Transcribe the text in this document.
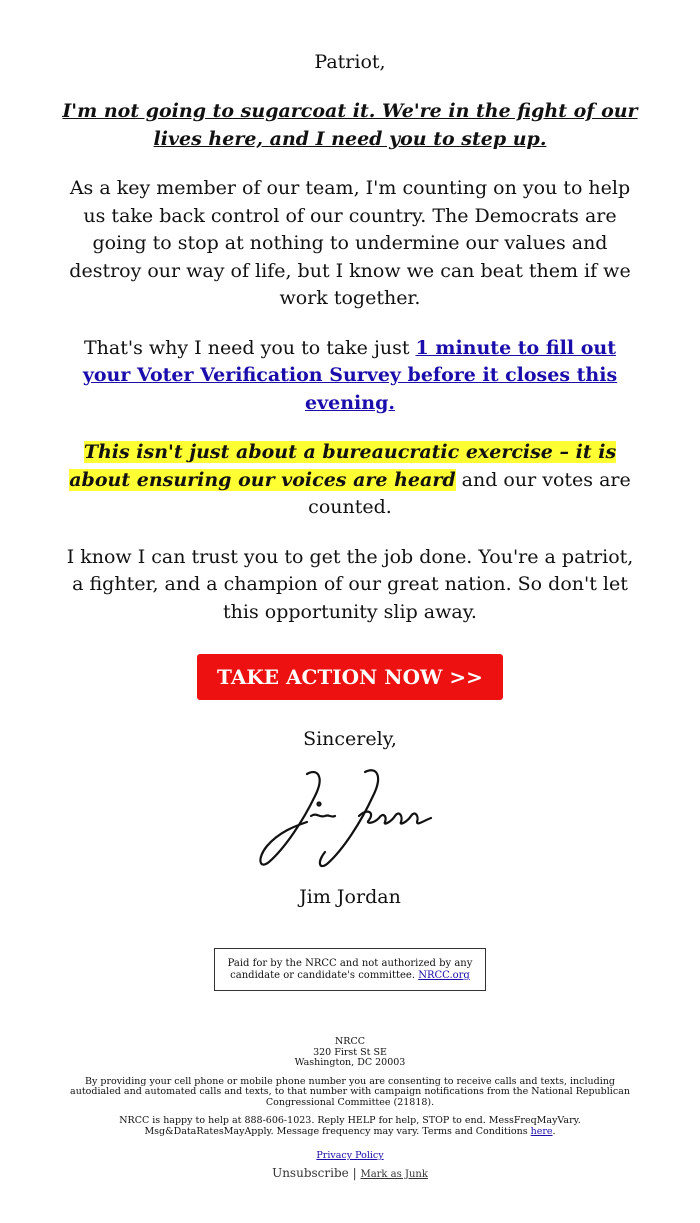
Patriot,

I'm not going to sugarcoat it. We're in the fight of our lives here, and I need you to step up.

As a key member of our team, I'm counting on you to help us take back control of our country. The Democrats are going to stop at nothing to undermine our values and destroy our way of life, but I know we can beat them if we work together.

That's why I need you to take just 1 minute to fill out your Voter Verification Survey before it closes this evening.

This isn't just about a bureaucratic exercise – it is about ensuring our voices are heard and our votes are counted.

I know I can trust you to get the job done. You're a patriot, a fighter, and a champion of our great nation. So don't let this opportunity slip away.

TAKE ACTION NOW >>

Sincerely,

Jim Jordan

Paid for by the NRCC and not authorized by any candidate or candidate's committee. NRCC.org

NRCC
320 First St SE
Washington, DC 20003

By providing your cell phone or mobile phone number you are consenting to receive calls and texts, including autodialed and automated calls and texts, to that number with campaign notifications from the National Republican Congressional Committee (21818).

NRCC is happy to help at 888-606-1023. Reply HELP for help, STOP to end. MessFreqMayVary. Msg&DataRatesMayApply. Message frequency may vary. Terms and Conditions here.

Privacy Policy

Unsubscribe | Mark as Junk
